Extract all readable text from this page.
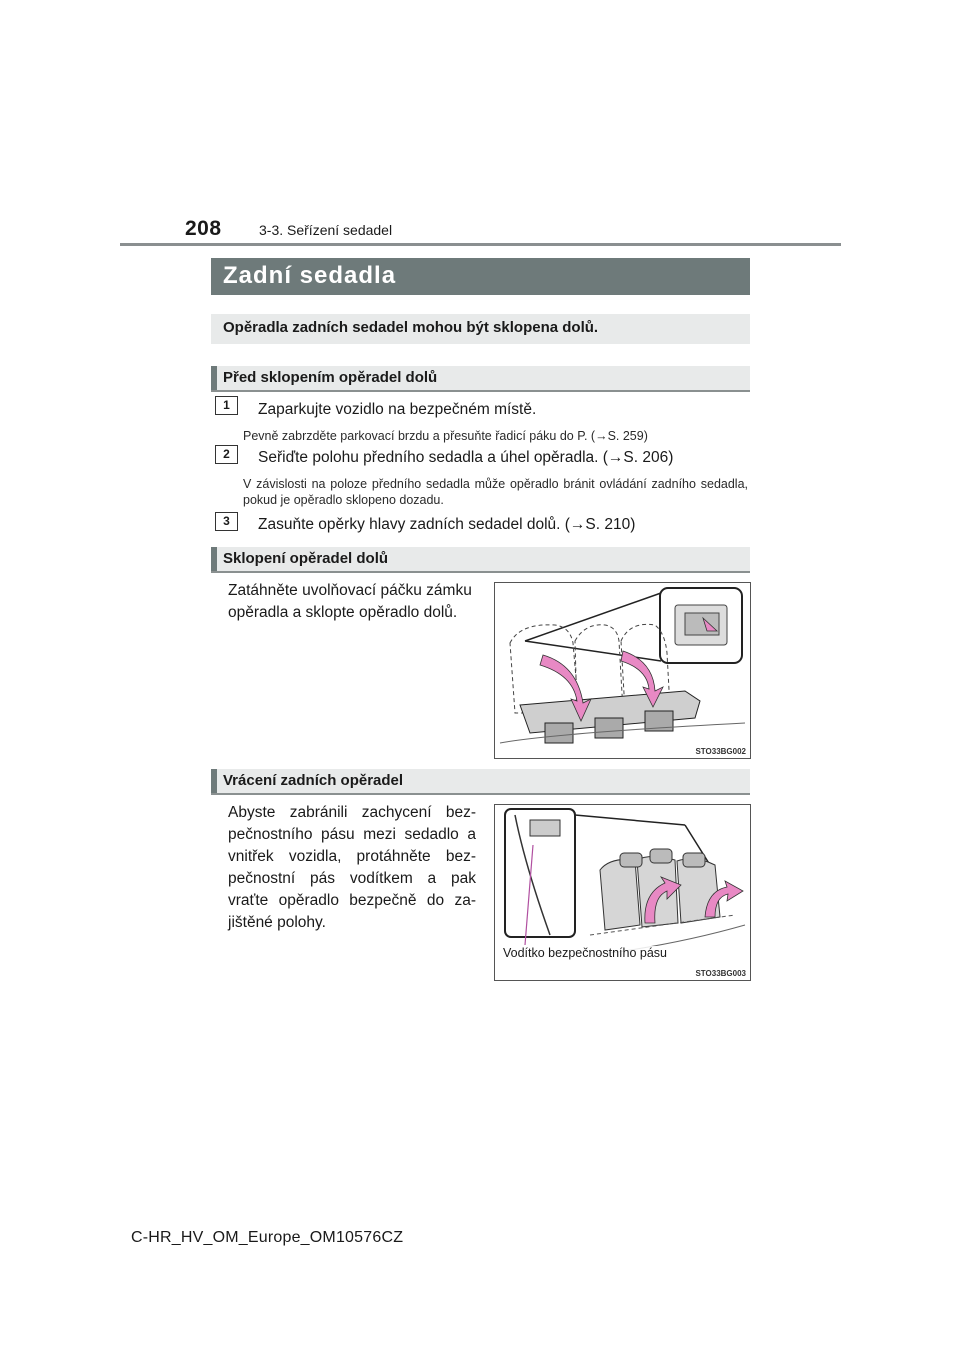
208	3-3. Seřízení sedadel
Zadní sedadla
Opěradla zadních sedadel mohou být sklopena dolů.
Před sklopením opěradel dolů
1	Zaparkujte vozidlo na bezpečném místě.
Pevně zabrzděte parkovací brzdu a přesuňte řadicí páku do P. (→S. 259)
2	Seřiďte polohu předního sedadla a úhel opěradla. (→S. 206)
V závislosti na poloze předního sedadla může opěradlo bránit ovládání zadního sedadla, pokud je opěradlo sklopeno dozadu.
3	Zasuňte opěrky hlavy zadních sedadel dolů. (→S. 210)
Sklopení opěradel dolů
Zatáhněte uvolňovací páčku zámku opěradla a sklopte opěradlo dolů.
STO33BG002
Vrácení zadních opěradel
Abyste zabránili zachycení bez-pečnostního pásu mezi sedadlo a vnitřek vozidla, protáhněte bez-pečnostní pás vodítkem a pak vraťte opěradlo bezpečně do za-jištěné polohy.
Vodítko bezpečnostního pásu
STO33BG003
C-HR_HV_OM_Europe_OM10576CZ
